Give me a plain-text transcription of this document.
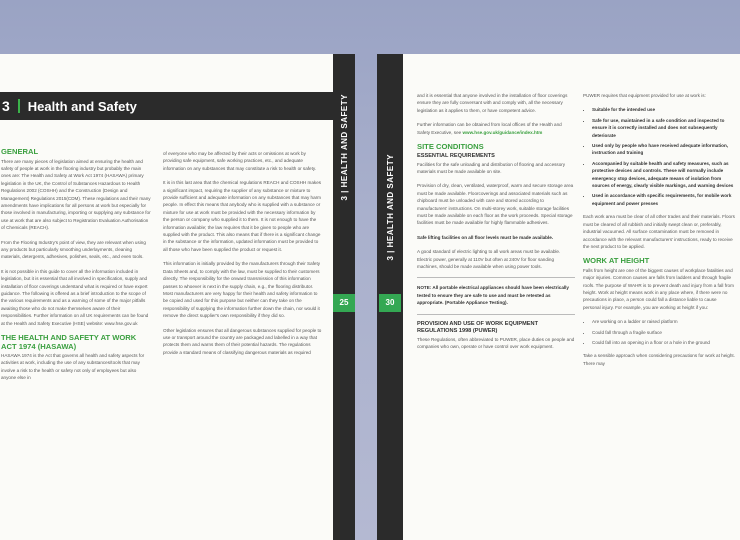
3 Health and Safety
GENERAL

There are many pieces of legislation aimed at ensuring the health and safety of people at work in the flooring industry but probably the main ones are: The Health and Safety at Work Act 1974 (HASAWA) primary legislation in the UK, the Control of Substances Hazardous to Health Regulations 2002 (COSHH) and the Construction (Design and Management) Regulations 2015(CDM). These regulations and their many amendments have implications for all persons at work but especially for those involved in manufacturing, importing or supplying any substance for use at work that are also subject to Registration Evaluation Authorisation of Chemicals (REACH).

From the Flooring Industry's point of view, they are relevant when using any products but particularly smoothing underlayments, cleaning materials, detergents, adhesives, polishes, seals, etc., and even tools.

It is not possible in this guide to cover all the information included in legislation, but it is essential that all involved in specification, supply and installation of floor coverings understand what is required or have expert guidance. The following is offered as a brief introduction to the scope of the various requirements and as a warning of some of the major pitfalls awaiting those who do not make themselves aware of their responsibilities. Further information on all UK requirements can be found at the Health and Safety Executive (HSE) website: www.hse.gov.uk

THE HEALTH AND SAFETY AT WORK ACT 1974 (HASAWA)

HASAWA 1974 is the Act that governs all health and safety aspects for activities at work, including the use of any substances/tools that may involve a risk to the health or safety not only of employees but also anyone else in

of everyone who may be affected by their acts or omissions at work by providing safe equipment, safe working practices, etc., and adequate information on any substances that may constitute a risk to health or safety.

It is in this last area that the chemical regulations REACH and COSHH makes a significant impact, requiring the supplier of any substance or mixture to provide sufficient and adequate information on any substances that may harm people. In effect this means that anybody who is supplied with a substance or mixture for use at work must be provided with the necessary information by the person or company who supplied it to them. It is not enough to have the information available; the law requires that it be given to people who are supplied with the product. This also means that if there is a significant change in the substance or the information, updated information must be provided to all those who have been supplied the product or request it.

This information is initially provided by the manufacturers through their Safety Data Sheets and, to comply with the law, must be supplied to their customers directly. The responsibility for the onward transmission of this information passes to whoever is next in the supply chain, e.g., the flooring distributor. Most manufacturers are very happy for their health and safety information to be copied and used for this purpose but neither can they take on the responsibility of supplying the information further down the chain, nor would it remove the direct supplier's own responsibility if they did so.

Other legislation ensures that all dangerous substances supplied for people to use or transport around the country are packaged and labelled in a way that protects them and warns them of their potential hazards. The regulations provide a standard means of classifying dangerous materials as required

3 | HEALTH AND SAFETY
25

and it is essential that anyone involved in the installation of floor coverings ensure they are fully conversant with and comply with, all the necessary legislation as it applies to them, or have competent advice.

Further information can be obtained from local offices of the Health and Safety Executive, see www.hse.gov.uk/guidance/index.htm

SITE CONDITIONS
ESSENTIAL REQUIREMENTS

Facilities for the safe unloading and distribution of flooring and accessory materials must be made available on site.

Provision of dry, clean, ventilated, waterproof, warm and secure storage area must be made available. Floorcoverings and associated materials such as chipboard must be unloaded with care and stored according to manufacturers' instructions. On multi-storey work, suitable storage facilities must be made available on each floor as the work proceeds. Special storage facilities must be made available for highly flammable adhesives.

Safe lifting facilities on all floor levels must be made available.

A good standard of electric lighting to all work areas must be available. Electric power, generally at 110V but often at 240V for floor sanding machines, should be made available when using power tools.

NOTE: All portable electrical appliances should have been electrically tested to ensure they are safe to use and must be retested as appropriate. (Portable Appliance Testing).

PROVISION AND USE OF WORK EQUIPMENT REGULATIONS 1998 (PUWER)

These Regulations, often abbreviated to PUWER, place duties on people and companies who own, operate or have control over work equipment.

PUWER requires that equipment provided for use at work is:

• Suitable for the intended use
• Safe for use, maintained in a safe condition and inspected to ensure it is correctly installed and does not subsequently deteriorate
• Used only by people who have received adequate information, instruction and training
• Accompanied by suitable health and safety measures, such as protective devices and controls. These will normally include emergency stop devices, adequate means of isolation from sources of energy, clearly visible markings, and warning devices
• Used in accordance with specific requirements, for mobile work equipment and power presses

Each work area must be clear of all other trades and their materials. Floors must be cleared of all rubbish and initially swept clean or, preferably, industrial vacuumed. All surface contamination must be removed in accordance with the relevant manufacturers' instructions, ready to receive the next product to be applied.

WORK AT HEIGHT

Falls from height are one of the biggest causes of workplace fatalities and major injuries. Common causes are falls from ladders and through fragile roofs. The purpose of WAHR is to prevent death and injury from a fall from height. Work at height means work in any place where, if there were no precautions in place, a person could fall a distance liable to cause personal injury. For example, you are working at height if you:

• Are working on a ladder or raised platform
• Could fall through a fragile surface
• Could fall into an opening in a floor or a hole in the ground

Take a sensible approach when considering precautions for work at height. There may

3 | HEALTH AND SAFETY
30
